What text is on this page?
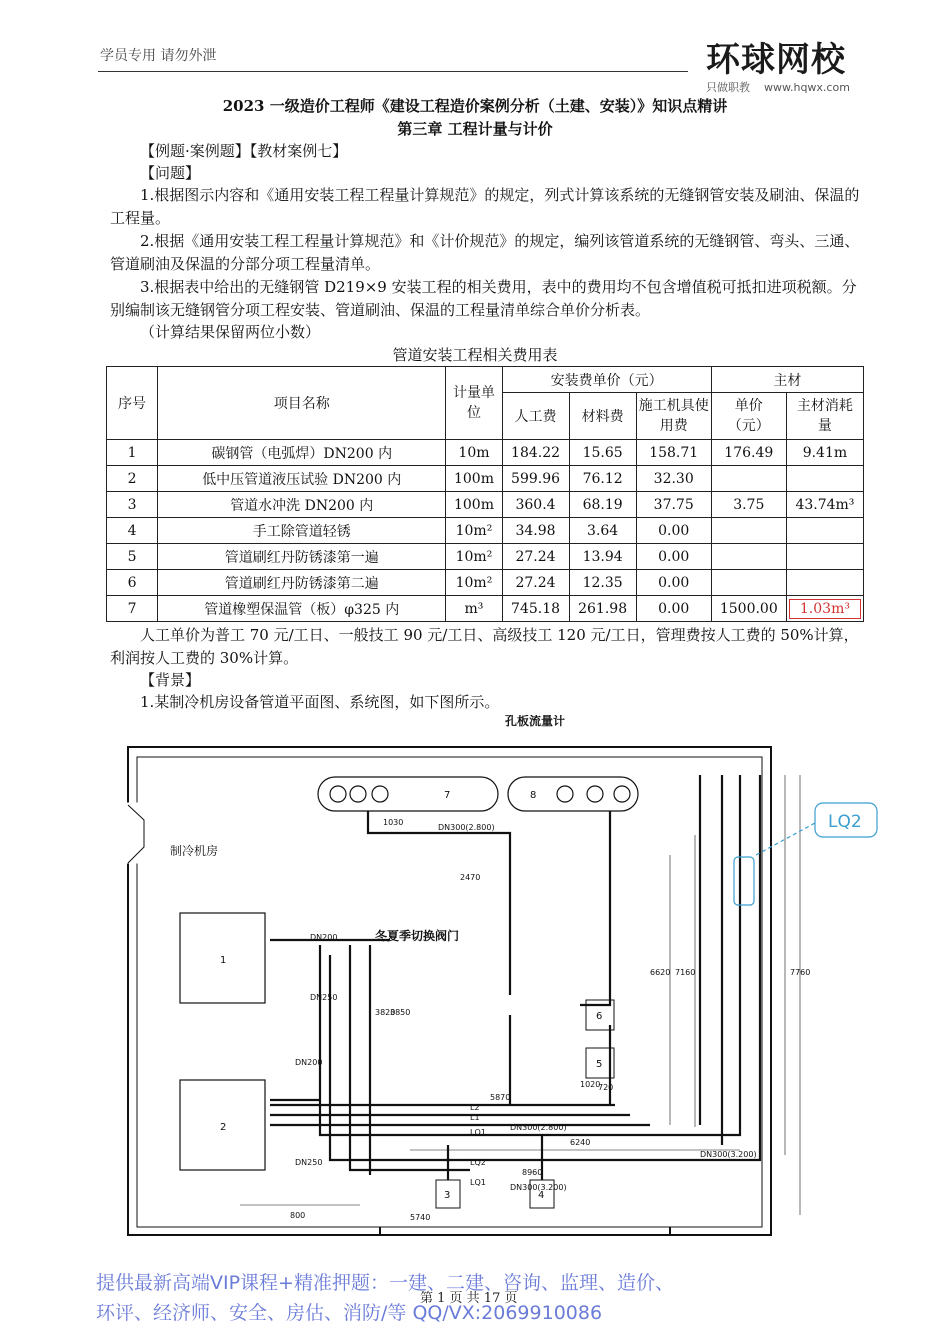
学员专用 请勿外泄	环球网校
只做职教 www.hqwx.com
2023 一级造价工程师《建设工程造价案例分析（土建、安装）》知识点精讲
第三章 工程计量与计价
【例题·案例题】【教材案例七】
【问题】
1.根据图示内容和《通用安装工程工程量计算规范》的规定，列式计算该系统的无缝钢管安装及刷油、保温的工程量。
2.根据《通用安装工程工程量计算规范》和《计价规范》的规定，编列该管道系统的无缝钢管、弯头、三通、管道刷油及保温的分部分项工程量清单。
3.根据表中给出的无缝钢管 D219×9 安装工程的相关费用，表中的费用均不包含增值税可抵扣进项税额。分别编制该无缝钢管分项工程安装、管道刷油、保温的工程量清单综合单价分析表。
（计算结果保留两位小数）
管道安装工程相关费用表
序号	项目名称	计量单位	安装费单价（元）			主材	
			人工费	材料费	施工机具使用费	单价（元）	主材消耗量

1	碳钢管（电弧焊）DN200 内	10m	184.22	15.65	158.71	176.49	9.41m
2	低中压管道液压试验 DN200 内	100m	599.96	76.12	32.30		
3	管道水冲洗 DN200 内	100m	360.4	68.19	37.75	3.75	43.74m³
4	手工除管道轻锈	10m²	34.98	3.64	0.00		
5	管道刷红丹防锈漆第一遍	10m²	27.24	13.94	0.00		
6	管道刷红丹防锈漆第二遍	10m²	27.24	12.35	0.00		
7	管道橡塑保温管（板）φ325 内	m³	745.18	261.98	0.00	1500.00	1.03m³
人工单价为普工 70 元/工日、一般技工 90 元/工日、高级技工 120 元/工日，管理费按人工费的 50%计算，利润按人工费的 30%计算。
【背景】
1.某制冷机房设备管道平面图、系统图，如下图所示。
孔板流量计
制冷机房
冬夏季切换阀门
1
2
3	4
5
6
7	8
DN300(2.800)
DN300(2.800)
DN300(3.200)
DN300(3.200)
DN200
DN250
DN200
DN250
L2
L1
LQ1
LQ2
LQ1
2470
1030
6620 7160	7760
3820
3850
5870
6240
800	5740
8960
1020
720
LQ2
提供最新高端VIP课程+精准押题：一建、二建、咨询、监理、造价、
第 1 页 共 17 页
环评、经济师、安全、房估、消防/等 QQ/VX:2069910086
